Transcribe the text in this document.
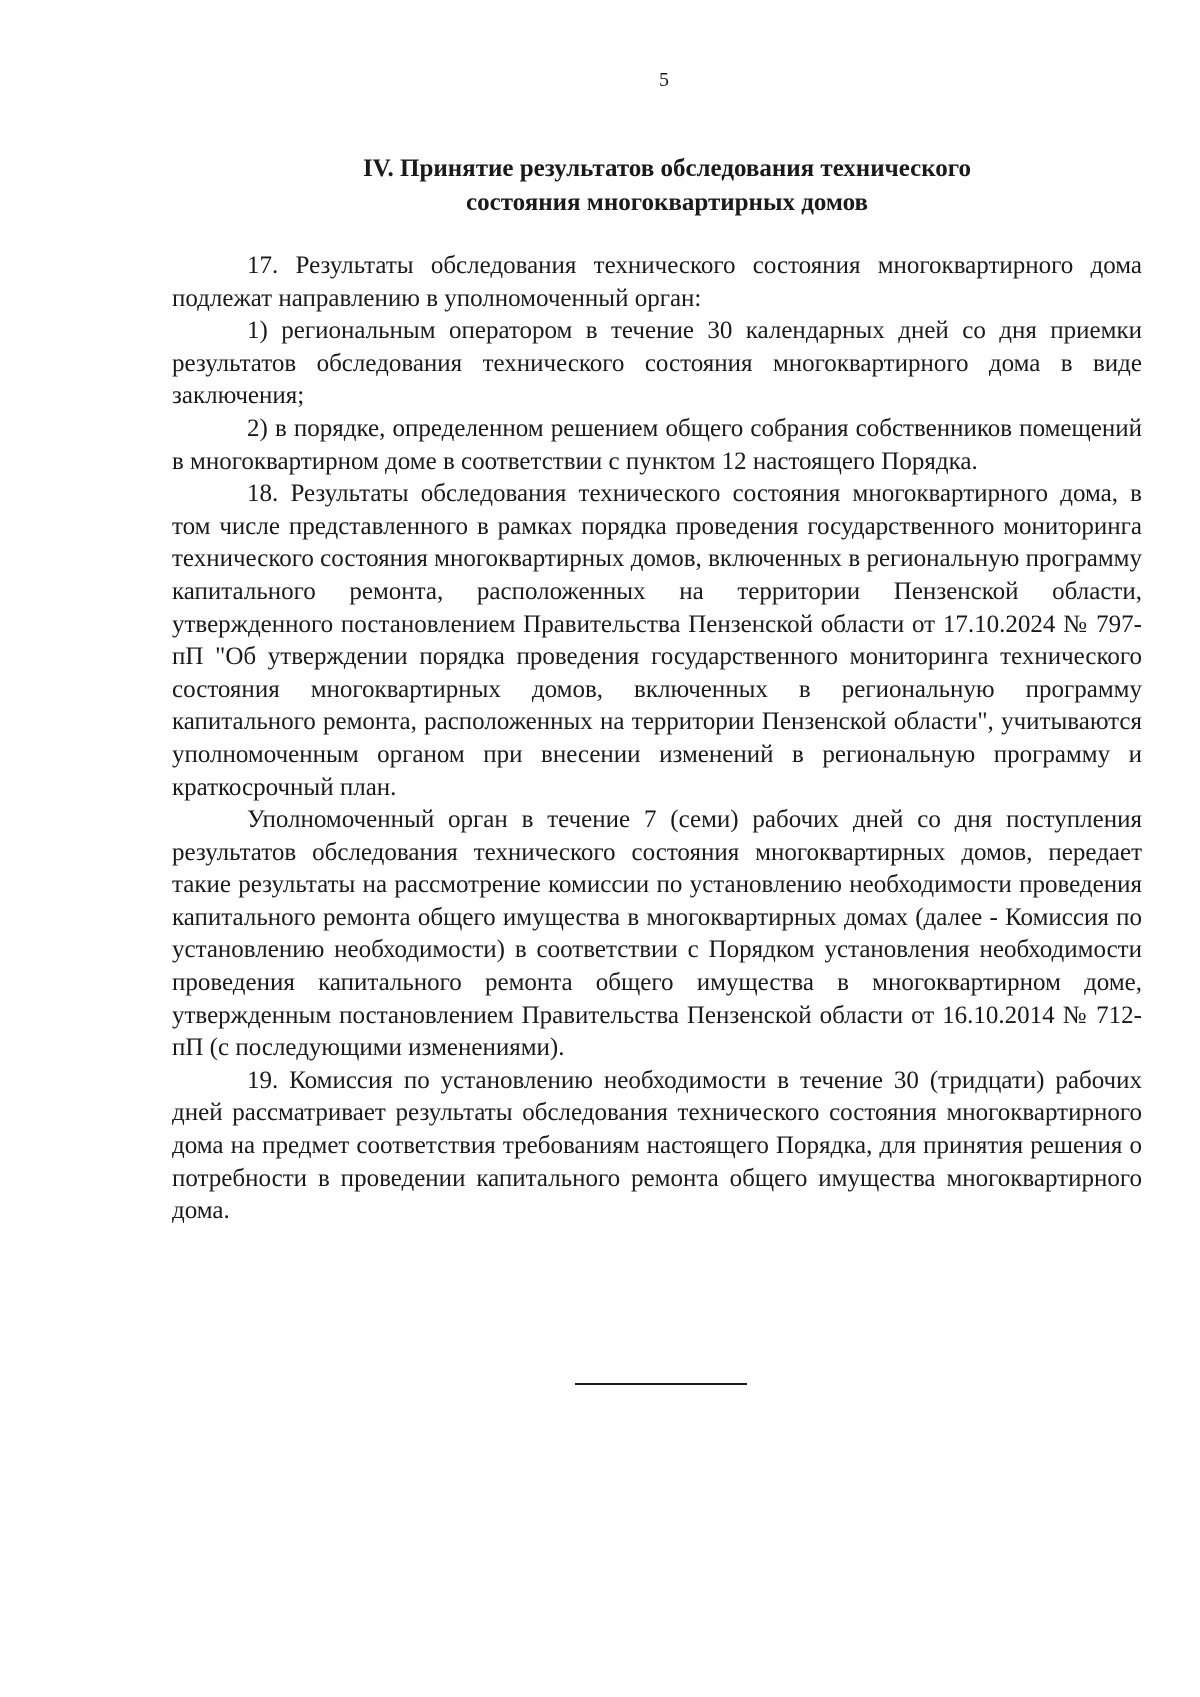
5
IV. Принятие результатов обследования технического
состояния многоквартирных домов

17. Результаты обследования технического состояния многоквартирного дома подлежат направлению в уполномоченный орган:

1) региональным оператором в течение 30 календарных дней со дня приемки результатов обследования технического состояния многоквартирного дома в виде заключения;

2) в порядке, определенном решением общего собрания собственников помещений в многоквартирном доме в соответствии с пунктом 12 настоящего Порядка.

18. Результаты обследования технического состояния многоквартирного дома, в том числе представленного в рамках порядка проведения государственного мониторинга технического состояния многоквартирных домов, включенных в региональную программу капитального ремонта, расположенных на территории Пензенской области, утвержденного постановлением Правительства Пензенской области от 17.10.2024 № 797-пП "Об утверждении порядка проведения государственного мониторинга технического состояния многоквартирных домов, включенных в региональную программу капитального ремонта, расположенных на территории Пензенской области", учитываются уполномоченным органом при внесении изменений в региональную программу и краткосрочный план.

Уполномоченный орган в течение 7 (семи) рабочих дней со дня поступления результатов обследования технического состояния многоквартирных домов, передает такие результаты на рассмотрение комиссии по установлению необходимости проведения капитального ремонта общего имущества в многоквартирных домах (далее - Комиссия по установлению необходимости) в соответствии с Порядком установления необходимости проведения капитального ремонта общего имущества в многоквартирном доме, утвержденным постановлением Правительства Пензенской области от 16.10.2014 № 712-пП (с последующими изменениями).

19. Комиссия по установлению необходимости в течение 30 (тридцати) рабочих дней рассматривает результаты обследования технического состояния многоквартирного дома на предмет соответствия требованиям настоящего Порядка, для принятия решения о потребности в проведении капитального ремонта общего имущества многоквартирного дома.
